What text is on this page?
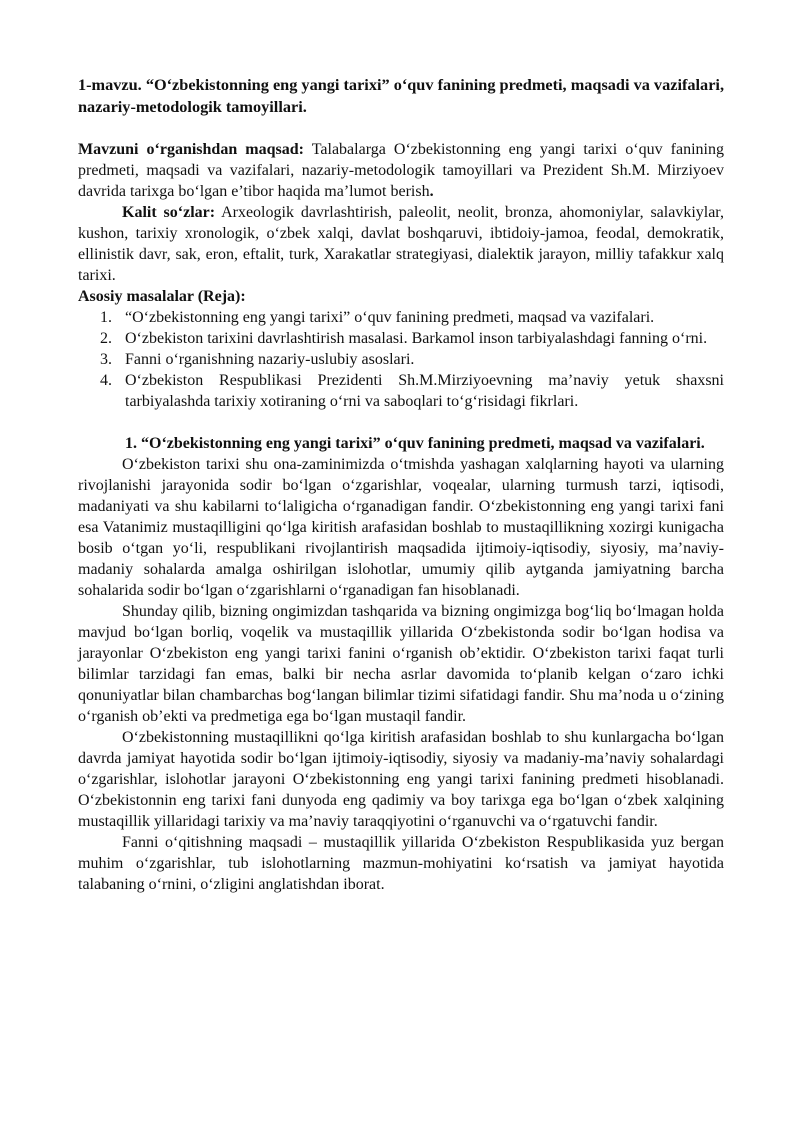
1-mavzu. “O‘zbekistonning eng yangi tarixi” o‘quv fanining predmeti, maqsadi va vazifalari, nazariy-metodologik tamoyillari.

Mavzuni o‘rganishdan maqsad: Talabalarga O‘zbekistonning eng yangi tarixi o‘quv fanining predmeti, maqsadi va vazifalari, nazariy-metodologik tamoyillari va Prezident Sh.M. Mirziyoev davrida tarixga bo‘lgan e’tibor haqida ma’lumot berish.

Kalit so‘zlar: Arxeologik davrlashtirish, paleolit, neolit, bronza, ahomoniylar, salavkiylar, kushon, tarixiy xronologik, o‘zbek xalqi, davlat boshqaruvi, ibtidoiy-jamoa, feodal, demokratik, ellinistik davr, sak, eron, eftalit, turk, Xarakatlar strategiyasi, dialektik jarayon, milliy tafakkur xalq tarixi.

Asosiy masalalar (Reja):

1. “O‘zbekistonning eng yangi tarixi” o‘quv fanining predmeti, maqsad va vazifalari.
2. O‘zbekiston tarixini davrlashtirish masalasi. Barkamol inson tarbiyalashdagi fanning o‘rni.
3. Fanni o‘rganishning nazariy-uslubiy asoslari.
4. O‘zbekiston Respublikasi Prezidenti Sh.M.Mirziyoevning ma’naviy yetuk shaxsni tarbiyalashda tarixiy xotiraning o‘rni va saboqlari to‘g‘risidagi fikrlari.

1. “O‘zbekistonning eng yangi tarixi” o‘quv fanining predmeti, maqsad va vazifalari.

O‘zbekiston tarixi shu ona-zaminimizda o‘tmishda yashagan xalqlarning hayoti va ularning rivojlanishi jarayonida sodir bo‘lgan o‘zgarishlar, voqealar, ularning turmush tarzi, iqtisodi, madaniyati va shu kabilarni to‘laligicha o‘rganadigan fandir. O‘zbekistonning eng yangi tarixi fani esa Vatanimiz mustaqilligini qo‘lga kiritish arafasidan boshlab to mustaqillikning xozirgi kunigacha bosib o‘tgan yo‘li, respublikani rivojlantirish maqsadida ijtimoiy-iqtisodiy, siyosiy, ma’naviy-madaniy sohalarda amalga oshirilgan islohotlar, umumiy qilib aytganda jamiyatning barcha sohalarida sodir bo‘lgan o‘zgarishlarni o‘rganadigan fan hisoblanadi.

Shunday qilib, bizning ongimizdan tashqarida va bizning ongimizga bog‘liq bo‘lmagan holda mavjud bo‘lgan borliq, voqelik va mustaqillik yillarida O‘zbekistonda sodir bo‘lgan hodisa va jarayonlar O‘zbekiston eng yangi tarixi fanini o‘rganish ob’ektidir. O‘zbekiston tarixi faqat turli bilimlar tarzidagi fan emas, balki bir necha asrlar davomida to‘planib kelgan o‘zaro ichki qonuniyatlar bilan chambarchas bog‘langan bilimlar tizimi sifatidagi fandir. Shu ma’noda u o‘zining o‘rganish ob’ekti va predmetiga ega bo‘lgan mustaqil fandir.

O‘zbekistonning mustaqillikni qo‘lga kiritish arafasidan boshlab to shu kunlargacha bo‘lgan davrda jamiyat hayotida sodir bo‘lgan ijtimoiy-iqtisodiy, siyosiy va madaniy-ma’naviy sohalardagi o‘zgarishlar, islohotlar jarayoni O‘zbekistonning eng yangi tarixi fanining predmeti hisoblanadi. O‘zbekistonnin eng tarixi fani dunyoda eng qadimiy va boy tarixga ega bo‘lgan o‘zbek xalqining mustaqillik yillaridagi tarixiy va ma’naviy taraqqiyotini o‘rganuvchi va o‘rgatuvchi fandir.

Fanni o‘qitishning maqsadi – mustaqillik yillarida O‘zbekiston Respublikasida yuz bergan muhim o‘zgarishlar, tub islohotlarning mazmun-mohiyatini ko‘rsatish va jamiyat hayotida talabaning o‘rnini, o‘zligini anglatishdan iborat.
